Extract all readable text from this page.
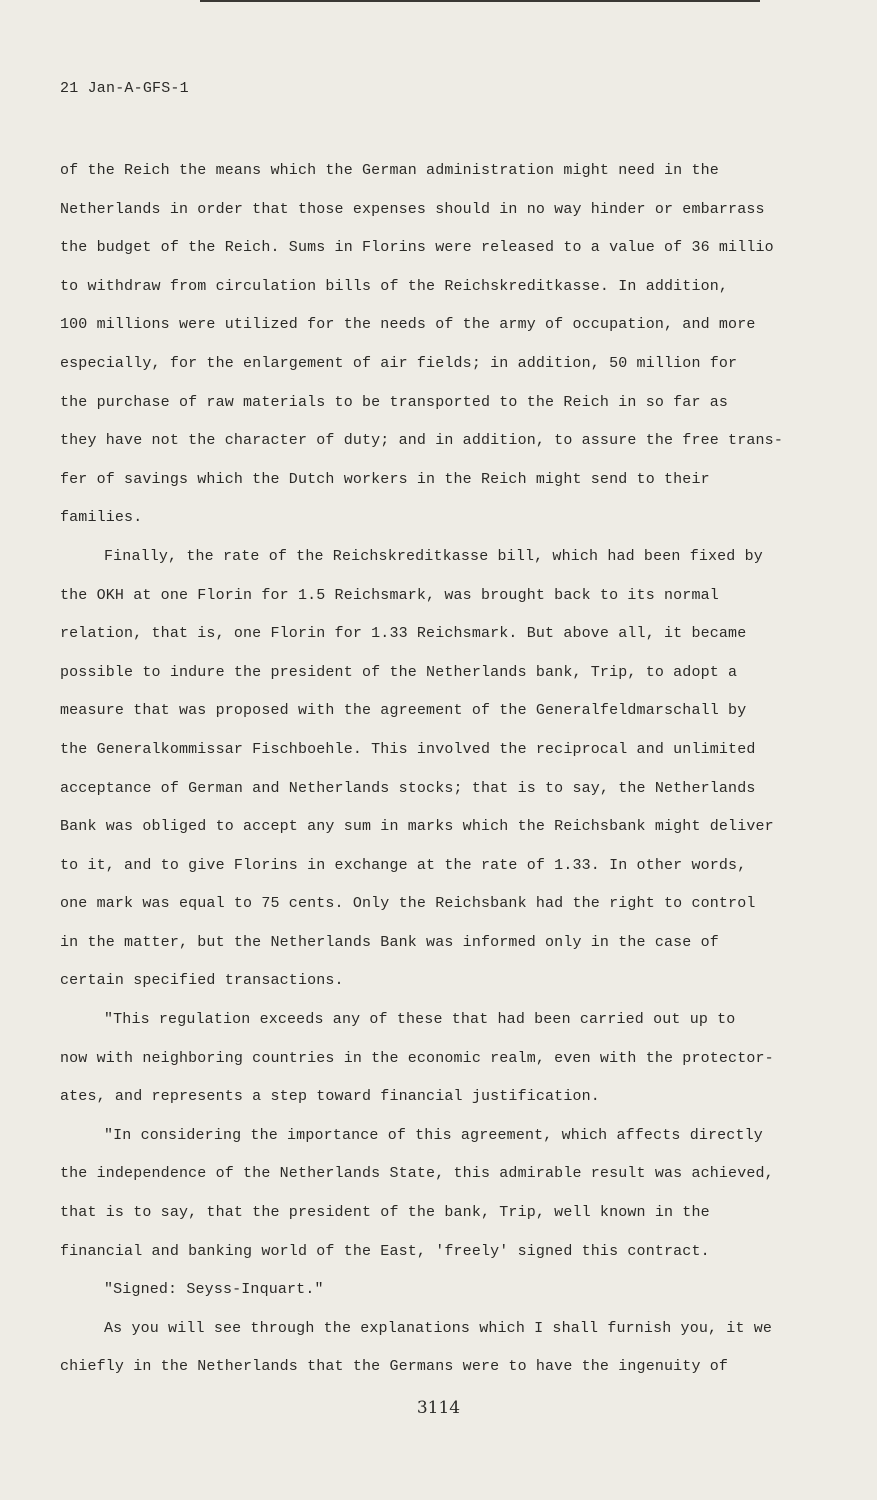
21 Jan-A-GFS-1

of the Reich the means which the German administration might need in the

Netherlands in order that those expenses should in no way hinder or embarrass

the budget of the Reich. Sums in Florins were released to a value of 36 millio

to withdraw from circulation bills of the Reichskreditkasse. In addition,

100 millions were utilized for the needs of the army of occupation, and more

especially, for the enlargement of air fields; in addition, 50 million for

the purchase of raw materials to be transported to the Reich in so far as

they have not the character of duty; and in addition, to assure the free trans-

fer of savings which the Dutch workers in the Reich might send to their

families.

Finally, the rate of the Reichskreditkasse bill, which had been fixed by

the OKH at one Florin for 1.5 Reichsmark, was brought back to its normal

relation, that is, one Florin for 1.33 Reichsmark. But above all, it became

possible to indure the president of the Netherlands bank, Trip, to adopt a

measure that was proposed with the agreement of the Generalfeldmarschall by

the Generalkommissar Fischboehle. This involved the reciprocal and unlimited

acceptance of German and Netherlands stocks; that is to say, the Netherlands

Bank was obliged to accept any sum in marks which the Reichsbank might deliver

to it, and to give Florins in exchange at the rate of 1.33. In other words,

one mark was equal to 75 cents. Only the Reichsbank had the right to control

in the matter, but the Netherlands Bank was informed only in the case of

certain specified transactions.

"This regulation exceeds any of these that had been carried out up to

now with neighboring countries in the economic realm, even with the protector-

ates, and represents a step toward financial justification.

"In considering the importance of this agreement, which affects directly

the independence of the Netherlands State, this admirable result was achieved,

that is to say, that the president of the bank, Trip, well known in the

financial and banking world of the East, 'freely' signed this contract.

"Signed: Seyss-Inquart."

As you will see through the explanations which I shall furnish you, it we

chiefly in the Netherlands that the Germans were to have the ingenuity of

3114
